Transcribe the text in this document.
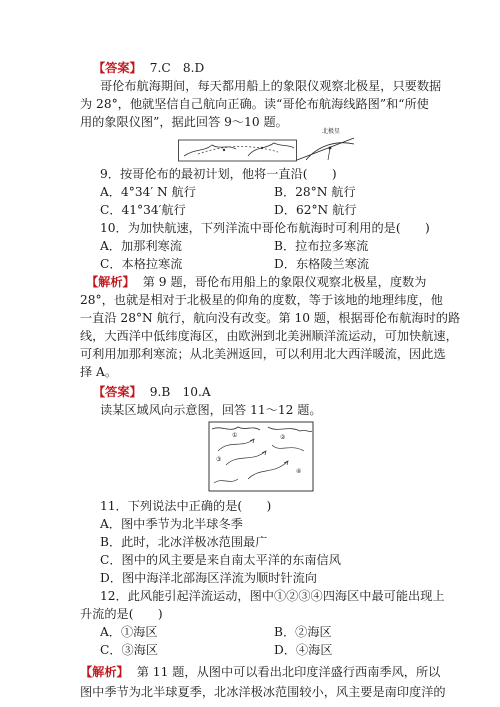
【答案】 7.C　8.D
哥伦布航海期间，每天都用船上的象限仪观察北极星，只要数据
为 28°，他就坚信自己航向正确。读“哥伦布航海线路图”和“所使
用的象限仪图”，据此回答 9～10 题。
北极星
9．按哥伦布的最初计划，他将一直沿(　　)
A．4°34′ N 航行	B．28°N 航行
C．41°34′航行	D．62°N 航行
10．为加快航速，下列洋流中哥伦布航海时可利用的是(　　)
A．加那利寒流	B．拉布拉多寒流
C．本格拉寒流	D．东格陵兰寒流
【解析】 第 9 题，哥伦布用船上的象限仪观察北极星，度数为
28°，也就是相对于北极星的仰角的度数，等于该地的地理纬度，他
一直沿 28°N 航行，航向没有改变。第 10 题，根据哥伦布航海时的路
线，大西洋中低纬度海区，由欧洲到北美洲顺洋流运动，可加快航速，
可利用加那利寒流；从北美洲返回，可以利用北大西洋暖流，因此选
择 A。
【答案】 9.B　10.A
读某区域风向示意图，回答 11～12 题。
①	②
③
④
11．下列说法中正确的是(　　)
A．图中季节为北半球冬季
B．此时，北冰洋极冰范围最广
C．图中的风主要是来自南太平洋的东南信风
D．图中海洋北部海区洋流为顺时针流向
12．此风能引起洋流运动，图中①②③④四海区中最可能出现上
升流的是(　　)
A．①海区	B．②海区
C．③海区	D．④海区
【解析】 第 11 题，从图中可以看出北印度洋盛行西南季风，所以
图中季节为北半球夏季，北冰洋极冰范围较小，风主要是南印度洋的
